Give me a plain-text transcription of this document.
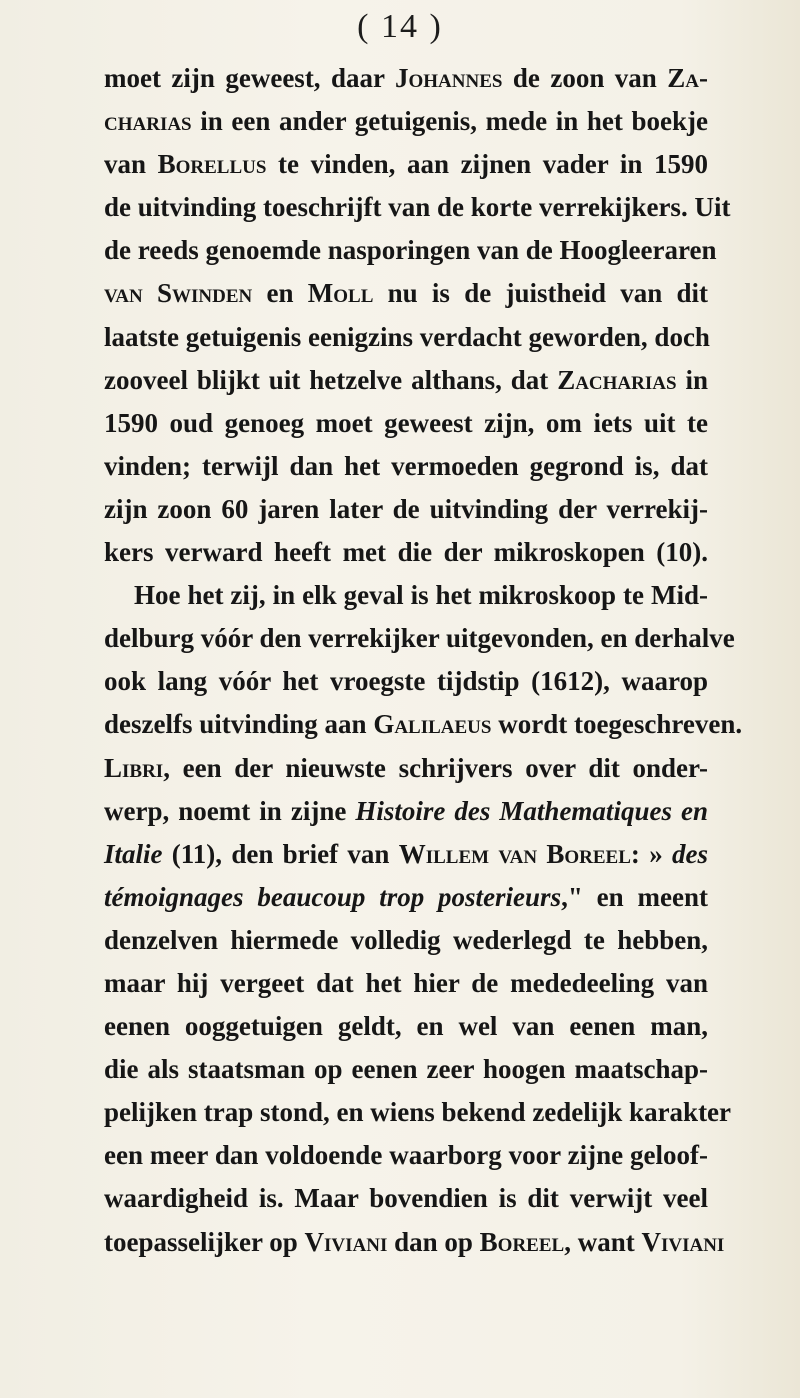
( 14 )
moet zijn geweest, daar Johannes de zoon van Za-
charias in een ander getuigenis, mede in het boekje
van Borellus te vinden, aan zijnen vader in 1590
de uitvinding toeschrijft van de korte verrekijkers. Uit
de reeds genoemde nasporingen van de Hoogleeraren
van Swinden en Moll nu is de juistheid van dit
laatste getuigenis eenigzins verdacht geworden, doch
zooveel blijkt uit hetzelve althans, dat Zacharias in
1590 oud genoeg moet geweest zijn, om iets uit te
vinden; terwijl dan het vermoeden gegrond is, dat
zijn zoon 60 jaren later de uitvinding der verrekij-
kers verward heeft met die der mikroskopen (10).
Hoe het zij, in elk geval is het mikroskoop te Mid-
delburg vóór den verrekijker uitgevonden, en derhalve
ook lang vóór het vroegste tijdstip (1612), waarop
deszelfs uitvinding aan Galilaeus wordt toegeschreven.
Libri, een der nieuwste schrijvers over dit onder-
werp, noemt in zijne Histoire des Mathematiques en
Italie (11), den brief van Willem van Boreel: » des
témoignages beaucoup trop posterieurs," en meent
denzelven hiermede volledig wederlegd te hebben,
maar hij vergeet dat het hier de mededeeling van
eenen ooggetuigen geldt, en wel van eenen man,
die als staatsman op eenen zeer hoogen maatschap-
pelijken trap stond, en wiens bekend zedelijk karakter
een meer dan voldoende waarborg voor zijne geloof-
waardigheid is. Maar bovendien is dit verwijt veel
toepasselijker op Viviani dan op Boreel, want Viviani
